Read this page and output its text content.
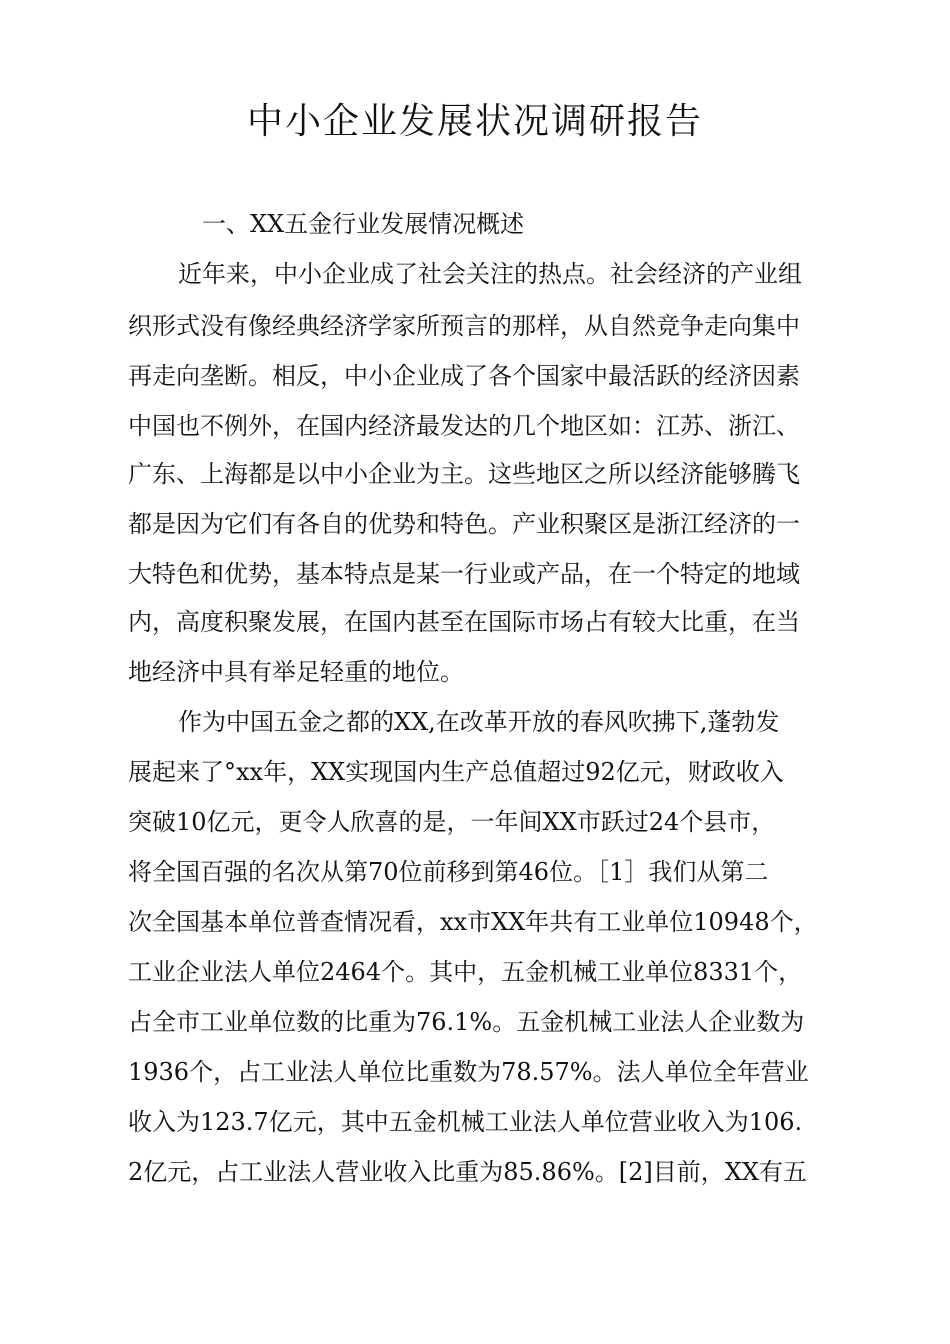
中小企业发展状况调研报告
一、XX五金行业发展情况概述
近年来，中小企业成了社会关注的热点。社会经济的产业组
织形式没有像经典经济学家所预言的那样，从自然竞争走向集中
再走向垄断。相反，中小企业成了各个国家中最活跃的经济因素
中国也不例外，在国内经济最发达的几个地区如：江苏、浙江、
广东、上海都是以中小企业为主。这些地区之所以经济能够腾飞
都是因为它们有各自的优势和特色。产业积聚区是浙江经济的一
大特色和优势，基本特点是某一行业或产品，在一个特定的地域
内，高度积聚发展，在国内甚至在国际市场占有较大比重，在当
地经济中具有举足轻重的地位。
作为中国五金之都的XX,在改革开放的春风吹拂下,蓬勃发
展起来了°xx年，XX实现国内生产总值超过92亿元，财政收入
突破10亿元，更令人欣喜的是，一年间XX市跃过24个县市，
将全国百强的名次从第70位前移到第46位。［1］我们从第二
次全国基本单位普查情况看，xx市XX年共有工业单位10948个，
工业企业法人单位2464个。其中，五金机械工业单位8331个，
占全市工业单位数的比重为76.1%。五金机械工业法人企业数为
1936个，占工业法人单位比重数为78.57%。法人单位全年营业
收入为123.7亿元，其中五金机械工业法人单位营业收入为106.
2亿元，占工业法人营业收入比重为85.86%。[2]目前，XX有五
